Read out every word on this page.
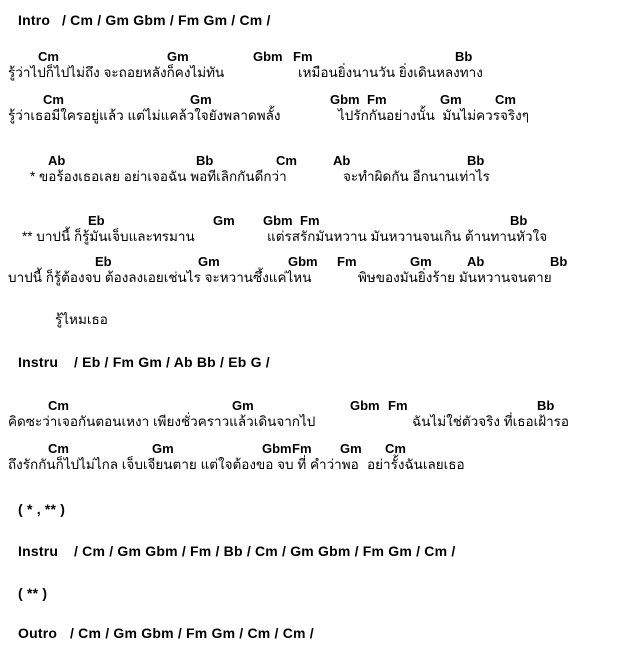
Intro / Cm / Gm Gbm / Fm Gm / Cm /
Cm	Gm	Gbm Fm	Bb
รู้ว่าไปก็ไปไม่ถึง จะถอยหลังก็คงไม่ทัน	เหมือนยิ่งนานวัน ยิ่งเดินหลงทาง
Cm	Gm	Gbm Fm	Gm	Cm
รู้ว่าเธอมีใครอยู่แล้ว แต่ไม่แคล้วใจยังพลาดพลั้ง	ไปรักกันอย่างนั้น  มันไม่ควรจริงๆ
Ab	Bb	Cm	Ab	Bb
* ขอร้องเธอเลย อย่าเจอฉัน พอทีเลิกกันดีกว่า	จะทำผิดกัน อีกนานเท่าไร
Eb	Gm Gbm Fm	Bb
** บาปนี้ ก็รู้มันเจ็บและทรมาน	แต่รสรักมันหวาน มันหวานจนเกิน ต้านทานหัวใจ
Eb	Gm	Gbm Fm	Gm	Ab	Bb
บาปนี้ ก็รู้ต้องจบ ต้องลงเอยเช่นไร จะหวานซึ้งแค่ไหน	พิษของมันยิ่งร้าย มันหวานจนตาย
รู้ไหมเธอ
Instru / Eb / Fm Gm / Ab Bb / Eb G /
Cm	Gm	Gbm Fm	Bb
คิดซะว่าเจอกันตอนเหงา เพียงชั่วคราวแล้วเดินจากไป	ฉันไม่ใช่ตัวจริง ที่เธอเฝ้ารอ
Cm	Gm	Gbm Fm Gm Cm
ถึงรักกันก็ไปไม่ไกล เจ็บเจียนตาย แต่ใจต้องขอ จบ ที่ คำว่าพอ อย่ารั้งฉันเลยเธอ
( * , ** )
Instru / Cm / Gm Gbm / Fm / Bb / Cm / Gm Gbm / Fm Gm / Cm /
( ** )
Outro / Cm / Gm Gbm / Fm Gm / Cm / Cm /
